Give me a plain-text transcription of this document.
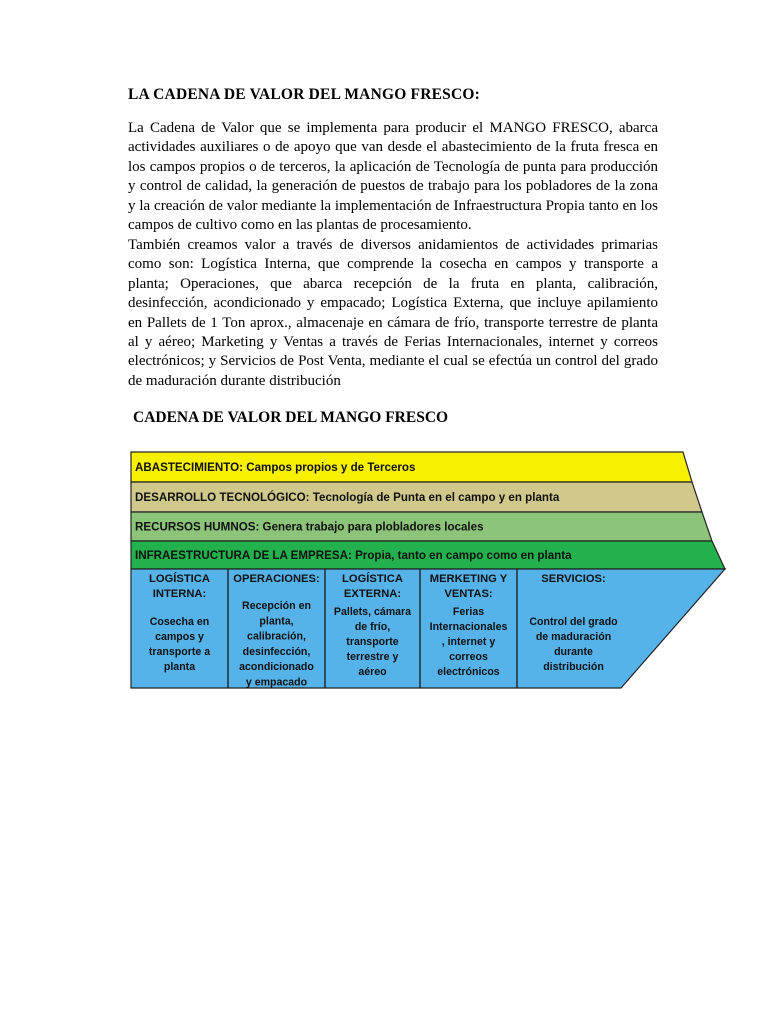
LA CADENA DE VALOR DEL MANGO FRESCO:
La Cadena de Valor que se implementa para producir el MANGO FRESCO, abarca actividades auxiliares o de apoyo que van desde el abastecimiento de la fruta fresca en los campos propios o de terceros, la aplicación de Tecnología de punta para producción y control de calidad, la generación de puestos de trabajo para los pobladores de la zona y la creación de valor mediante la implementación de Infraestructura Propia tanto en los campos de cultivo como en las plantas de procesamiento.
También creamos valor a través de diversos anidamientos de actividades primarias como son: Logística Interna, que comprende la cosecha en campos y transporte a planta; Operaciones, que abarca recepción de la fruta en planta, calibración, desinfección, acondicionado y empacado; Logística Externa, que incluye apilamiento en Pallets de 1 Ton aprox., almacenaje en cámara de frío, transporte terrestre de planta al y aéreo; Marketing y Ventas a través de Ferias Internacionales, internet y correos electrónicos; y Servicios de Post Venta, mediante el cual se efectúa un control del grado de maduración durante distribución
CADENA DE VALOR DEL MANGO FRESCO
ABASTECIMIENTO: Campos propios y de Terceros
DESARROLLO TECNOLÓGICO: Tecnología de Punta en el campo y en planta
RECURSOS HUMNOS: Genera trabajo para plobladores locales
INFRAESTRUCTURA DE LA EMPRESA: Propia, tanto en campo como en planta
LOGÍSTICA
INTERNA:
Cosecha en
campos y
transporte a
planta
OPERACIONES:
Recepción en
planta,
calibración,
desinfección,
acondicionado
y empacado
LOGÍSTICA
EXTERNA:
Pallets, cámara
de frío,
transporte
terrestre y
aéreo
MERKETING Y
VENTAS:
Ferias
Internacionales
, internet y
correos
electrónicos
SERVICIOS:
Control del grado
de maduración
durante
distribución
